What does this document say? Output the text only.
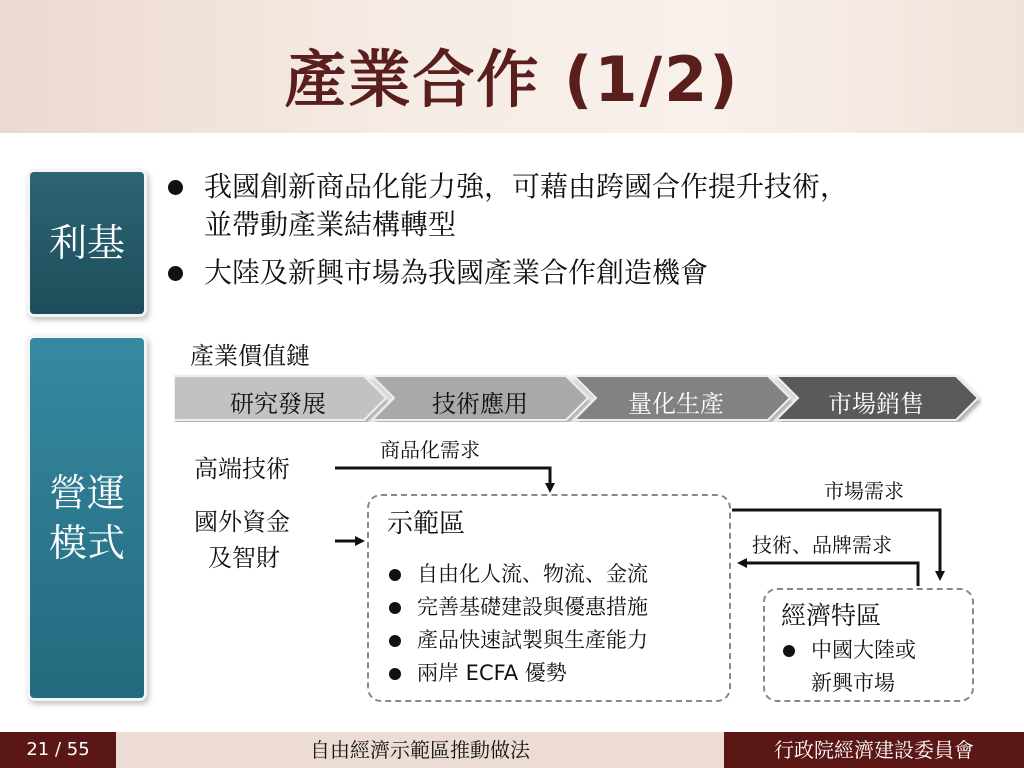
產業合作 (1/2)
利基
營運
模式
我國創新商品化能力強，可藉由跨國合作提升技術，
並帶動產業結構轉型
大陸及新興市場為我國產業合作創造機會
產業價值鏈
研究發展	技術應用	量化生產	市場銷售
高端技術
國外資金
及智財
商品化需求
市場需求
技術、品牌需求
示範區
自由化人流、物流、金流
完善基礎建設與優惠措施
產品快速試製與生產能力
兩岸 ECFA 優勢
經濟特區
中國大陸或
新興市場
21 / 55	自由經濟示範區推動做法	行政院經濟建設委員會
